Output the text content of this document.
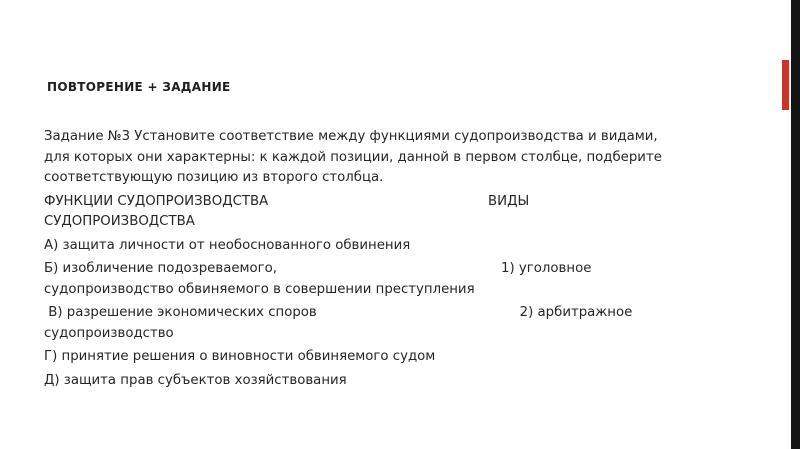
ПОВТОРЕНИЕ + ЗАДАНИЕ

Задание №3 Установите соответствие между функциями судопроизводства и видами,

для которых они характерны: к каждой позиции, данной в первом столбце, подберите

соответствующую позицию из второго столбца.

ФУНКЦИИ СУДОПРОИЗВОДСТВА                                                    ВИДЫ

СУДОПРОИЗВОДСТВА

А) защита личности от необоснованного обвинения

Б) изобличение подозреваемого,                                                     1) уголовное

судопроизводство обвиняемого в совершении преступления

В) разрешение экономических споров                                                2) арбитражное

судопроизводство

Г) принятие решения о виновности обвиняемого судом

Д) защита прав субъектов хозяйствования
